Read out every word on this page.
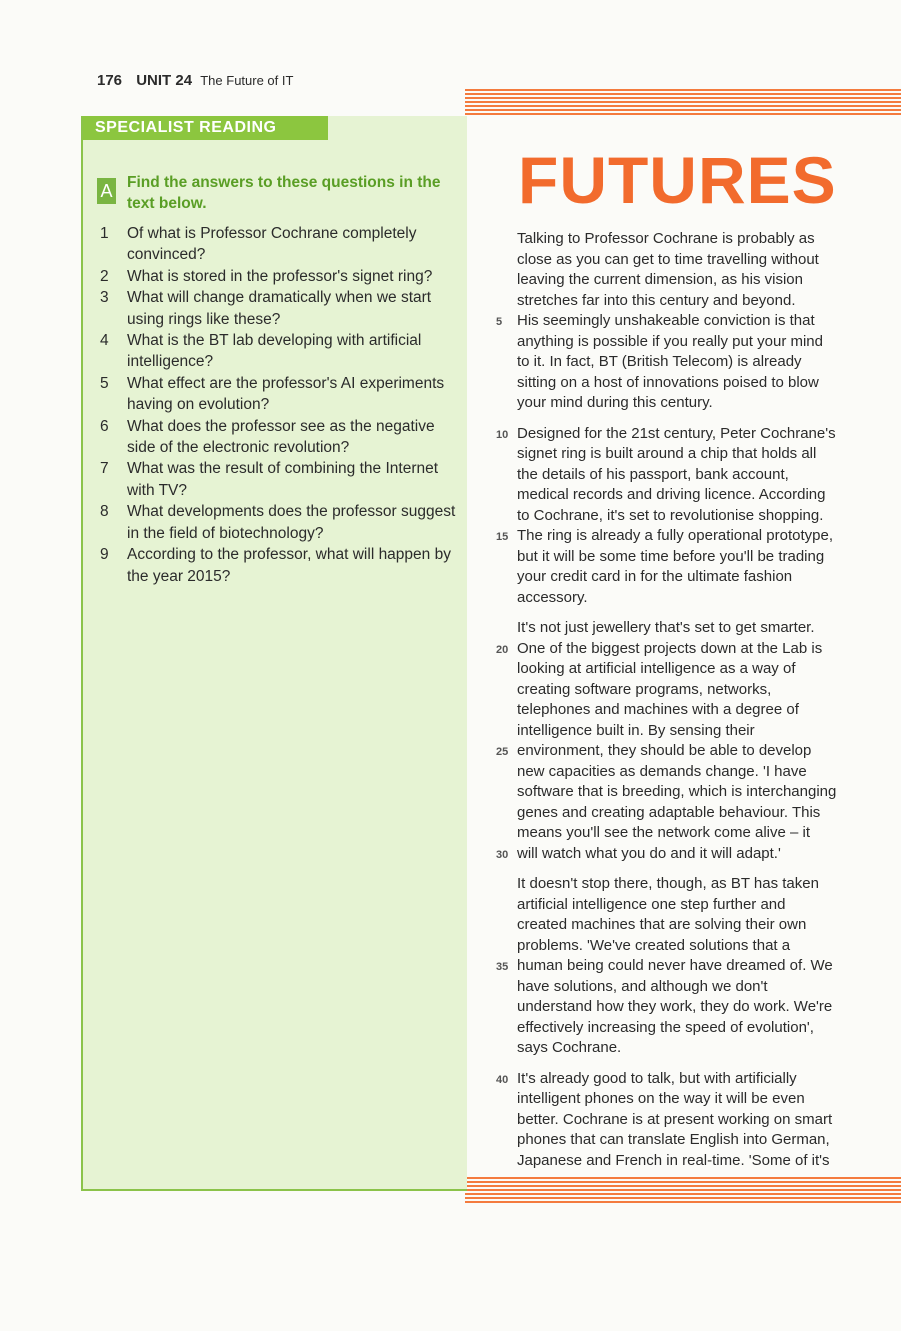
176 UNIT 24 The Future of IT
SPECIALIST READING
A Find the answers to these questions in the text below.
1 Of what is Professor Cochrane completely convinced?
2 What is stored in the professor's signet ring?
3 What will change dramatically when we start using rings like these?
4 What is the BT lab developing with artificial intelligence?
5 What effect are the professor's AI experiments having on evolution?
6 What does the professor see as the negative side of the electronic revolution?
7 What was the result of combining the Internet with TV?
8 What developments does the professor suggest in the field of biotechnology?
9 According to the professor, what will happen by the year 2015?
FUTURES

Talking to Professor Cochrane is probably as
close as you can get to time travelling without
leaving the current dimension, as his vision
stretches far into this century and beyond.
5 His seemingly unshakeable conviction is that
anything is possible if you really put your mind
to it. In fact, BT (British Telecom) is already
sitting on a host of innovations poised to blow
your mind during this century.

10 Designed for the 21st century, Peter Cochrane's
signet ring is built around a chip that holds all
the details of his passport, bank account,
medical records and driving licence. According
to Cochrane, it's set to revolutionise shopping.
15 The ring is already a fully operational prototype,
but it will be some time before you'll be trading
your credit card in for the ultimate fashion
accessory.

It's not just jewellery that's set to get smarter.
20 One of the biggest projects down at the Lab is
looking at artificial intelligence as a way of
creating software programs, networks,
telephones and machines with a degree of
intelligence built in. By sensing their
25 environment, they should be able to develop
new capacities as demands change. 'I have
software that is breeding, which is interchanging
genes and creating adaptable behaviour. This
means you'll see the network come alive – it
30 will watch what you do and it will adapt.'

It doesn't stop there, though, as BT has taken
artificial intelligence one step further and
created machines that are solving their own
problems. 'We've created solutions that a
35 human being could never have dreamed of. We
have solutions, and although we don't
understand how they work, they do work. We're
effectively increasing the speed of evolution',
says Cochrane.

40 It's already good to talk, but with artificially
intelligent phones on the way it will be even
better. Cochrane is at present working on smart
phones that can translate English into German,
Japanese and French in real-time. 'Some of it's
